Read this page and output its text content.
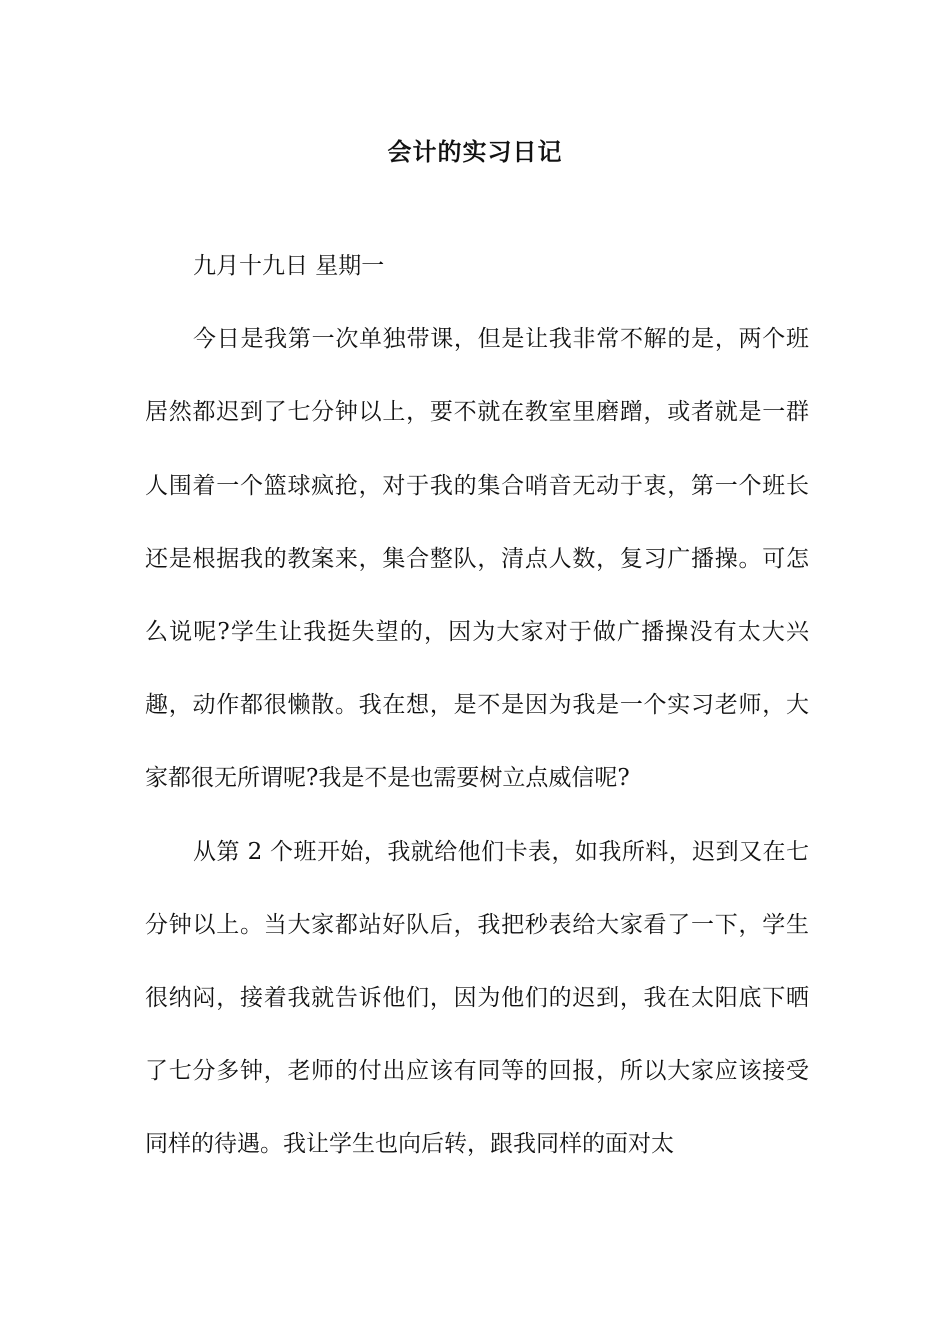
会计的实习日记

九月十九日 星期一

今日是我第一次单独带课，但是让我非常不解的是，两个班居然都迟到了七分钟以上，要不就在教室里磨蹭，或者就是一群人围着一个篮球疯抢，对于我的集合哨音无动于衷，第一个班长还是根据我的教案来，集合整队，清点人数，复习广播操。可怎么说呢?学生让我挺失望的，因为大家对于做广播操没有太大兴趣，动作都很懒散。我在想，是不是因为我是一个实习老师，大家都很无所谓呢?我是不是也需要树立点威信呢?

从第 2 个班开始，我就给他们卡表，如我所料，迟到又在七分钟以上。当大家都站好队后，我把秒表给大家看了一下，学生很纳闷，接着我就告诉他们，因为他们的迟到，我在太阳底下晒了七分多钟，老师的付出应该有同等的回报，所以大家应该接受同样的待遇。我让学生也向后转，跟我同样的面对太
